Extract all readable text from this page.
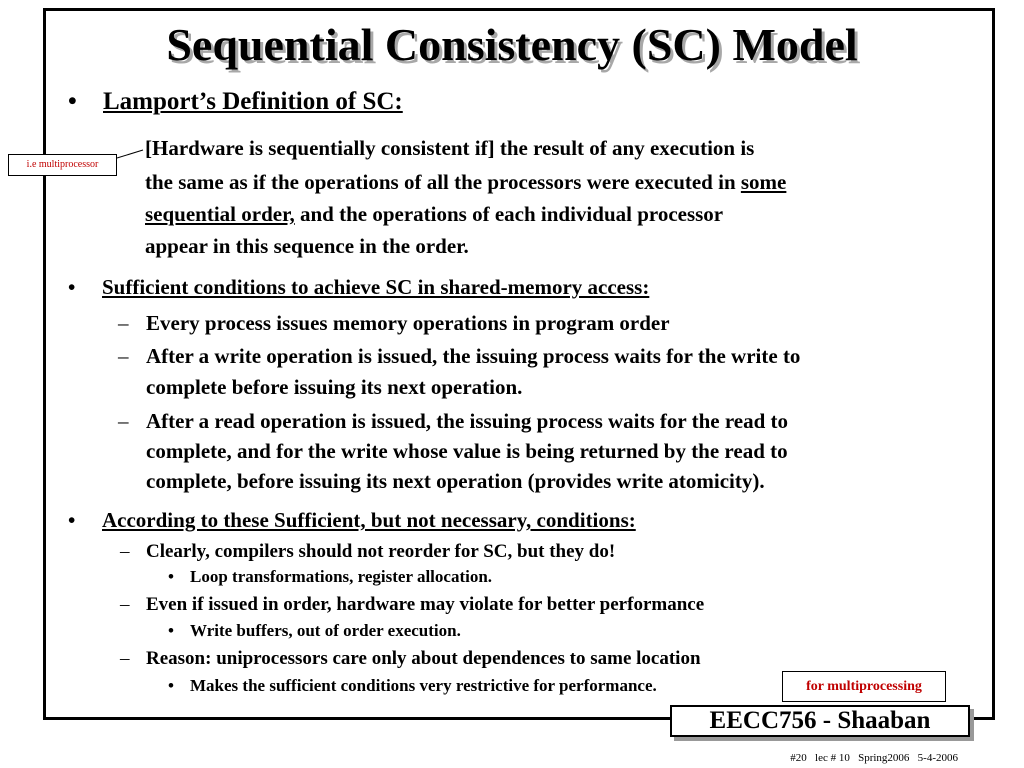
Sequential Consistency (SC) Model
• Lamport’s Definition of SC:
[Hardware is sequentially consistent if] the result of any execution is
the same as if the operations of all the processors were executed in some
sequential order, and the operations of each individual processor
appear in this sequence in the order.
i.e multiprocessor
• Sufficient conditions to achieve SC in shared-memory access:
– Every process issues memory operations in program order
– After a write operation is issued, the issuing process waits for the write to
complete before issuing its next operation.
– After a read operation is issued, the issuing process waits for the read to
complete, and for the write whose value is being returned by the read to
complete, before issuing its next operation (provides write atomicity).
• According to these Sufficient, but not necessary, conditions:
– Clearly, compilers should not reorder for SC, but they do!
• Loop transformations, register allocation.
– Even if issued in order, hardware may violate for better performance
• Write buffers, out of order execution.
– Reason: uniprocessors care only about dependences to same location
• Makes the sufficient conditions very restrictive for performance.	for multiprocessing
EECC756 - Shaaban
#20   lec # 10   Spring2006   5-4-2006
